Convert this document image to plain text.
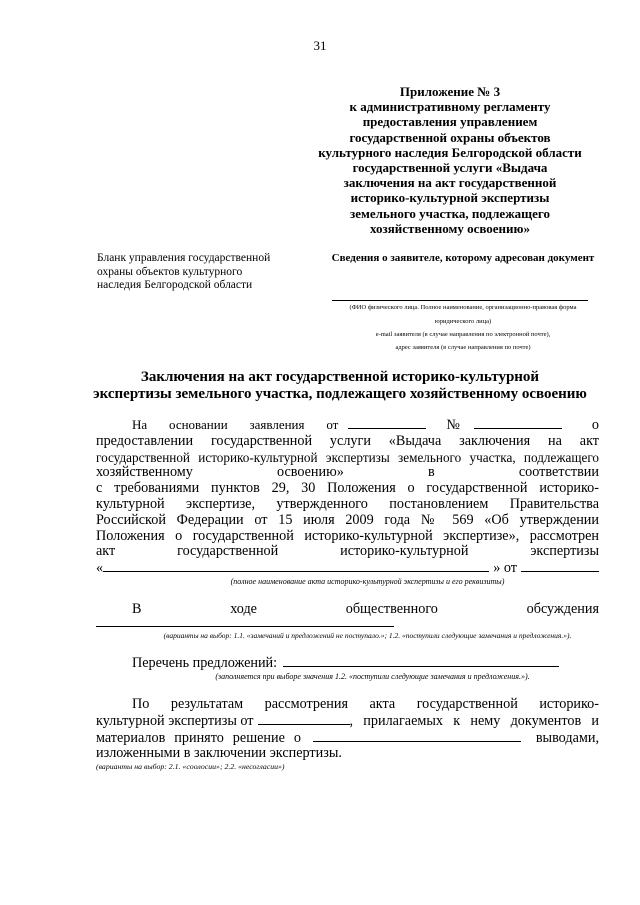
31
Приложение № 3
к административному регламенту
предоставления управлением
государственной охраны объектов
культурного наследия Белгородской области
государственной услуги «Выдача
заключения на акт государственной
историко-культурной экспертизы
земельного участка, подлежащего
хозяйственному освоению»
Бланк управления государственной
охраны объектов культурного
наследия Белгородской области
Сведения о заявителе, которому адресован документ
(ФИО физического лица. Полное наименование, организационно-правовая форма
юридического лица)
e-mail заявителя (в случае направления по электронной почте),
адрес заявителя (в случае направления по почте)
Заключения на акт государственной историко-культурной
экспертизы земельного участка, подлежащего хозяйственному освоению
На основании заявления от	№	о
предоставлении государственной услуги «Выдача заключения на акт
государственной историко-культурной экспертизы земельного участка, подлежащего
хозяйственному освоению» в соответствии
с требованиями пунктов 29, 30 Положения о государственной историко-
культурной экспертизе, утвержденного постановлением Правительства
Российской Федерации от 15 июля 2009 года № 569 «Об утверждении
Положения о государственной историко-культурной экспертизе», рассмотрен
акт государственной историко-культурной экспертизы
«	» от
(полное наименование акта историко-культурной экспертизы и его реквизиты)
В ходе общественного обсуждения
(варианты на выбор: 1.1. «замечаний и предложений не поступало.»; 1.2. «поступили следующие замечания и предложения.»).
Перечень предложений:
(заполняется при выборе значения 1.2. «поступили следующие замечания и предложения.»).
По результатам рассмотрения акта государственной историко-
культурной экспертизы от	, прилагаемых к нему документов и
материалов принято решение о	выводами,
изложенными в заключении экспертизы.
(варианты на выбор: 2.1. «cоолосии»; 2.2. «несогласии»)
